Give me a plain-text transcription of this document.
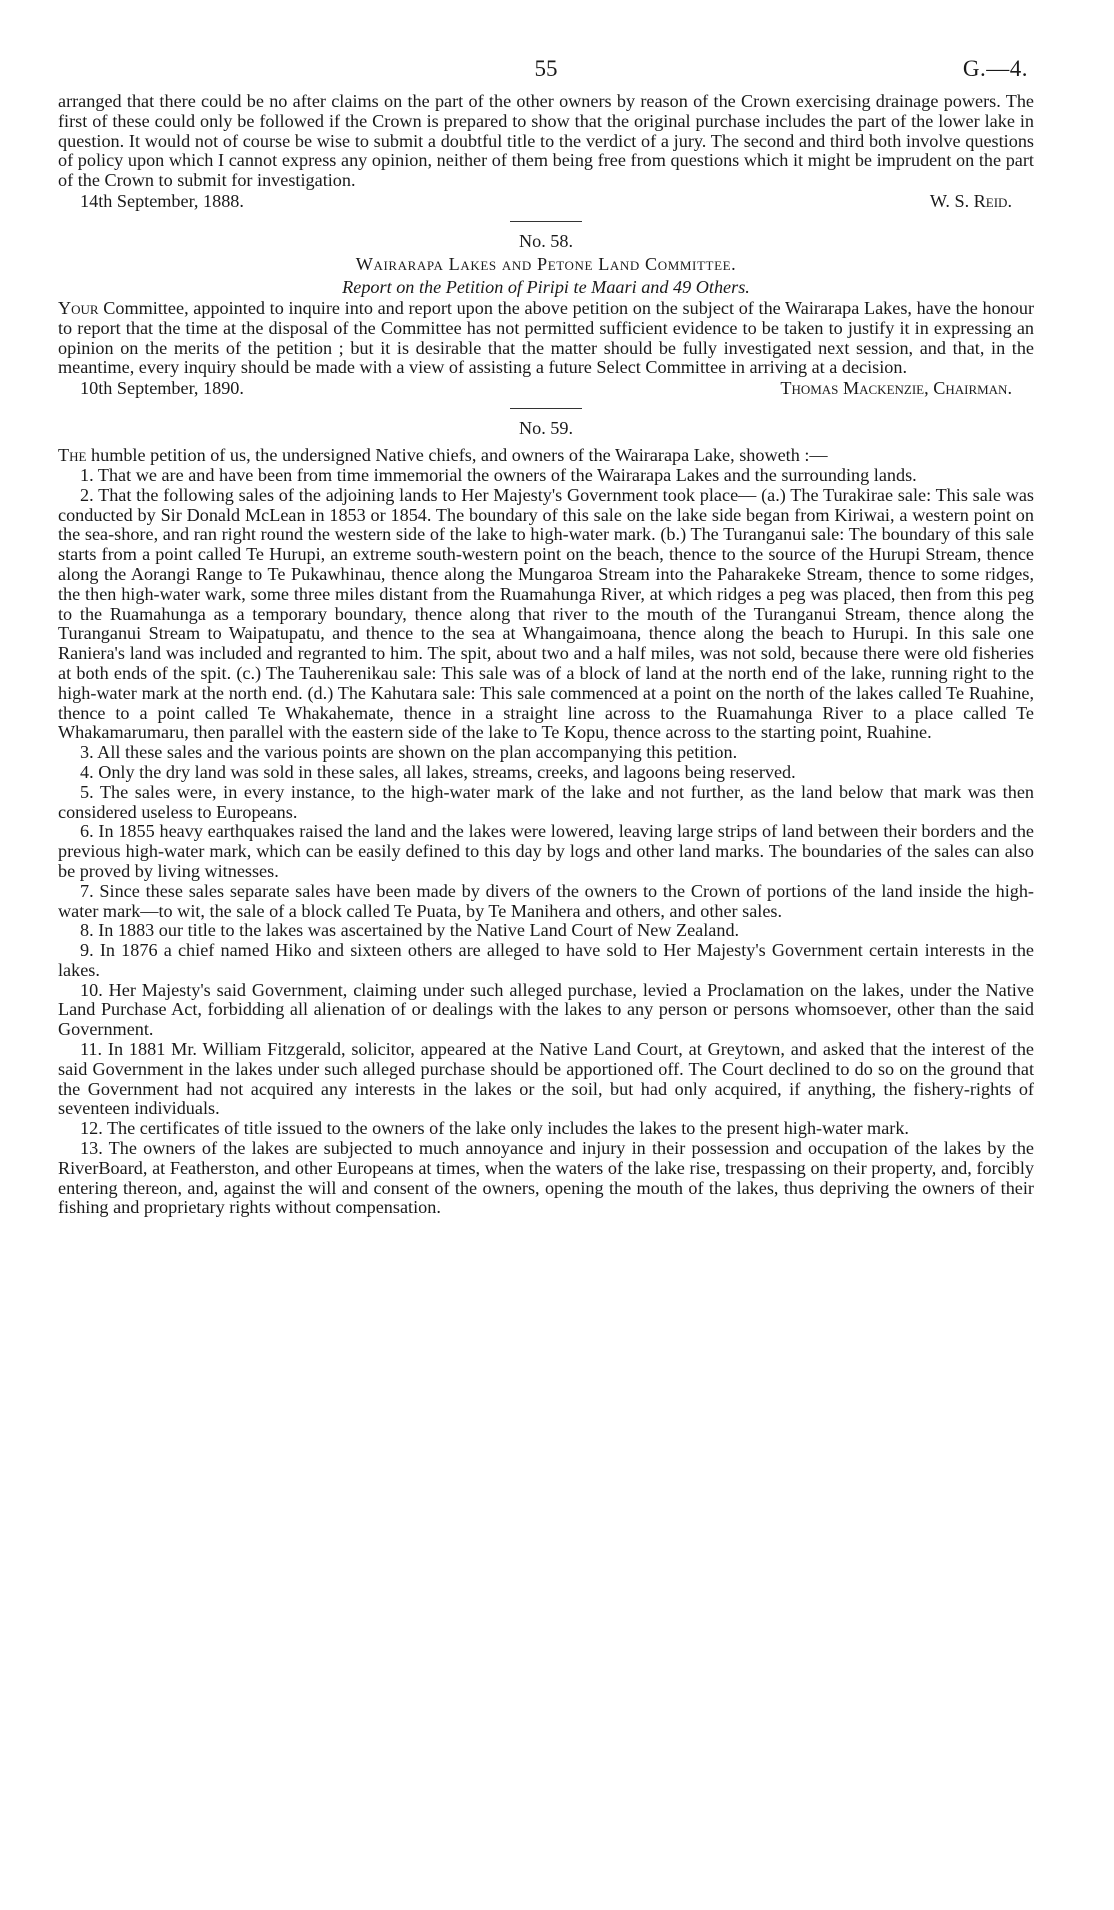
55	G.—4.

arranged that there could be no after claims on the part of the other owners by reason of the Crown exercising drainage powers. The first of these could only be followed if the Crown is prepared to show that the original purchase includes the part of the lower lake in question. It would not of course be wise to submit a doubtful title to the verdict of a jury. The second and third both involve questions of policy upon which I cannot express any opinion, neither of them being free from questions which it might be imprudent on the part of the Crown to submit for investigation.

14th September, 1888.	W. S. Reid.
No. 58.
Wairarapa Lakes and Petone Land Committee.
Report on the Petition of Piripi te Maari and 49 Others.

Your Committee, appointed to inquire into and report upon the above petition on the subject of the Wairarapa Lakes, have the honour to report that the time at the disposal of the Committee has not permitted sufficient evidence to be taken to justify it in expressing an opinion on the merits of the petition ; but it is desirable that the matter should be fully investigated next session, and that, in the meantime, every inquiry should be made with a view of assisting a future Select Committee in arriving at a decision.

10th September, 1890.	Thomas Mackenzie, Chairman.
No. 59.

The humble petition of us, the undersigned Native chiefs, and owners of the Wairarapa Lake, showeth :—

1. That we are and have been from time immemorial the owners of the Wairarapa Lakes and the surrounding lands.

2. That the following sales of the adjoining lands to Her Majesty's Government took place— (a.) The Turakirae sale: This sale was conducted by Sir Donald McLean in 1853 or 1854. The boundary of this sale on the lake side began from Kiriwai, a western point on the sea-shore, and ran right round the western side of the lake to high-water mark. (b.) The Turanganui sale: The boundary of this sale starts from a point called Te Hurupi, an extreme south-western point on the beach, thence to the source of the Hurupi Stream, thence along the Aorangi Range to Te Pukawhinau, thence along the Mungaroa Stream into the Paharakeke Stream, thence to some ridges, the then high-water wark, some three miles distant from the Ruamahunga River, at which ridges a peg was placed, then from this peg to the Ruamahunga as a temporary boundary, thence along that river to the mouth of the Turanganui Stream, thence along the Turanganui Stream to Waipatupatu, and thence to the sea at Whangaimoana, thence along the beach to Hurupi. In this sale one Raniera's land was included and regranted to him. The spit, about two and a half miles, was not sold, because there were old fisheries at both ends of the spit. (c.) The Tauherenikau sale: This sale was of a block of land at the north end of the lake, running right to the high-water mark at the north end. (d.) The Kahutara sale: This sale commenced at a point on the north of the lakes called Te Ruahine, thence to a point called Te Whakahemate, thence in a straight line across to the Ruamahunga River to a place called Te Whakamarumaru, then parallel with the eastern side of the lake to Te Kopu, thence across to the starting point, Ruahine.

3. All these sales and the various points are shown on the plan accompanying this petition.

4. Only the dry land was sold in these sales, all lakes, streams, creeks, and lagoons being reserved.

5. The sales were, in every instance, to the high-water mark of the lake and not further, as the land below that mark was then considered useless to Europeans.

6. In 1855 heavy earthquakes raised the land and the lakes were lowered, leaving large strips of land between their borders and the previous high-water mark, which can be easily defined to this day by logs and other land marks. The boundaries of the sales can also be proved by living witnesses.

7. Since these sales separate sales have been made by divers of the owners to the Crown of portions of the land inside the high-water mark—to wit, the sale of a block called Te Puata, by Te Manihera and others, and other sales.

8. In 1883 our title to the lakes was ascertained by the Native Land Court of New Zealand.

9. In 1876 a chief named Hiko and sixteen others are alleged to have sold to Her Majesty's Government certain interests in the lakes.

10. Her Majesty's said Government, claiming under such alleged purchase, levied a Proclamation on the lakes, under the Native Land Purchase Act, forbidding all alienation of or dealings with the lakes to any person or persons whomsoever, other than the said Government.

11. In 1881 Mr. William Fitzgerald, solicitor, appeared at the Native Land Court, at Greytown, and asked that the interest of the said Government in the lakes under such alleged purchase should be apportioned off. The Court declined to do so on the ground that the Government had not acquired any interests in the lakes or the soil, but had only acquired, if anything, the fishery-rights of seventeen individuals.

12. The certificates of title issued to the owners of the lake only includes the lakes to the present high-water mark.

13. The owners of the lakes are subjected to much annoyance and injury in their possession and occupation of the lakes by the RiverBoard, at Featherston, and other Europeans at times, when the waters of the lake rise, trespassing on their property, and, forcibly entering thereon, and, against the will and consent of the owners, opening the mouth of the lakes, thus depriving the owners of their fishing and proprietary rights without compensation.
